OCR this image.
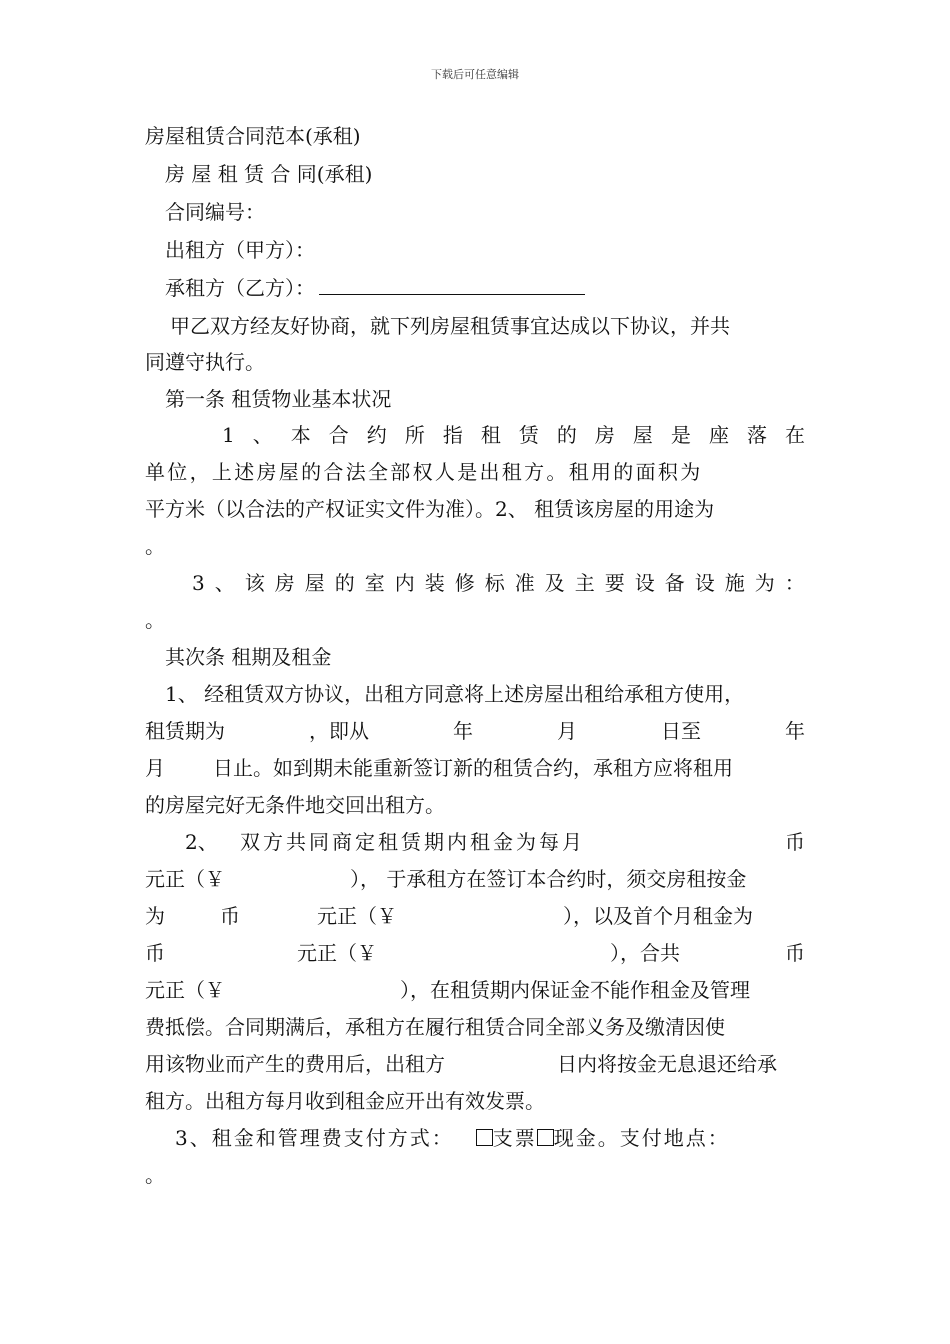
下载后可任意编辑
房屋租赁合同范本(承租)
房 屋 租 赁 合 同(承租)
合同编号：
出租方（甲方）：
承租方（乙方）：
甲乙双方经友好协商，就下列房屋租赁事宜达成以下协议，并共
同遵守执行。
第一条 租赁物业基本状况
1 、 本 合 约 所 指 租 赁 的 房 屋 是 座 落 在
单位，上述房屋的合法全部权人是出租方。租用的面积为
平方米（以合法的产权证实文件为准）。2、 租赁该房屋的用途为
。
3 、 该 房 屋 的 室 内 装 修 标 准 及 主 要 设 备 设 施 为 ：
。
其次条 租期及租金
1、 经租赁双方协议，出租方同意将上述房屋出租给承租方使用，
租赁期为	，即从	年	月	日至	年
月 日止。如到期未能重新签订新的租赁合约，承租方应将租用
的房屋完好无条件地交回出租方。
2、 双方共同商定租赁期内租金为每月	币
元正（￥	）， 于承租方在签订本合约时，须交房租按金
为	币	元正（￥	），以及首个月租金为
币	元正（￥	），合共	币
元正（￥	），在租赁期内保证金不能作租金及管理
费抵偿。合同期满后，承租方在履行租赁合同全部义务及缴清因使
用该物业而产生的费用后，出租方	日内将按金无息退还给承
租方。出租方每月收到租金应开出有效发票。
3、租金和管理费支付方式： 支票 现金。支付地点：
。
